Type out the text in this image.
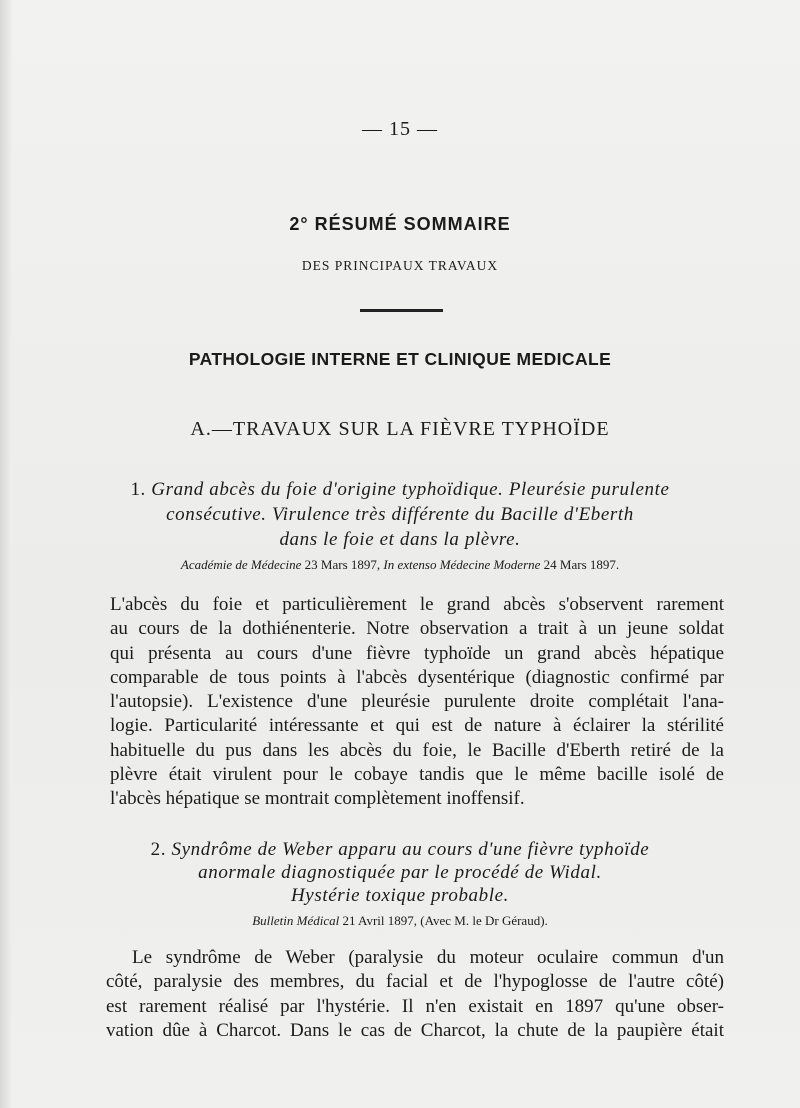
— 15 —
2° RÉSUMÉ SOMMAIRE
DES PRINCIPAUX TRAVAUX
PATHOLOGIE INTERNE ET CLINIQUE MEDICALE
A.—TRAVAUX SUR LA FIÈVRE TYPHOÏDE
1. Grand abcès du foie d'origine typhoïdique. Pleurésie purulente
consécutive. Virulence très différente du Bacille d'Eberth
dans le foie et dans la plèvre.
Académie de Médecine 23 Mars 1897, In extenso Médecine Moderne 24 Mars 1897.
L'abcès du foie et particulièrement le grand abcès s'observent rarement
au cours de la dothiénenterie. Notre observation a trait à un jeune soldat
qui présenta au cours d'une fièvre typhoïde un grand abcès hépatique
comparable de tous points à l'abcès dysentérique (diagnostic confirmé par
l'autopsie). L'existence d'une pleurésie purulente droite complétait l'ana-
logie. Particularité intéressante et qui est de nature à éclairer la stérilité
habituelle du pus dans les abcès du foie, le Bacille d'Eberth retiré de la
plèvre était virulent pour le cobaye tandis que le même bacille isolé de
l'abcès hépatique se montrait complètement inoffensif.
2. Syndrôme de Weber apparu au cours d'une fièvre typhoïde
anormale diagnostiquée par le procédé de Widal.
Hystérie toxique probable.
Bulletin Médical 21 Avril 1897, (Avec M. le Dr Géraud).
Le syndrôme de Weber (paralysie du moteur oculaire commun d'un
côté, paralysie des membres, du facial et de l'hypoglosse de l'autre côté)
est rarement réalisé par l'hystérie. Il n'en existait en 1897 qu'une obser-
vation dûe à Charcot. Dans le cas de Charcot, la chute de la paupière était
